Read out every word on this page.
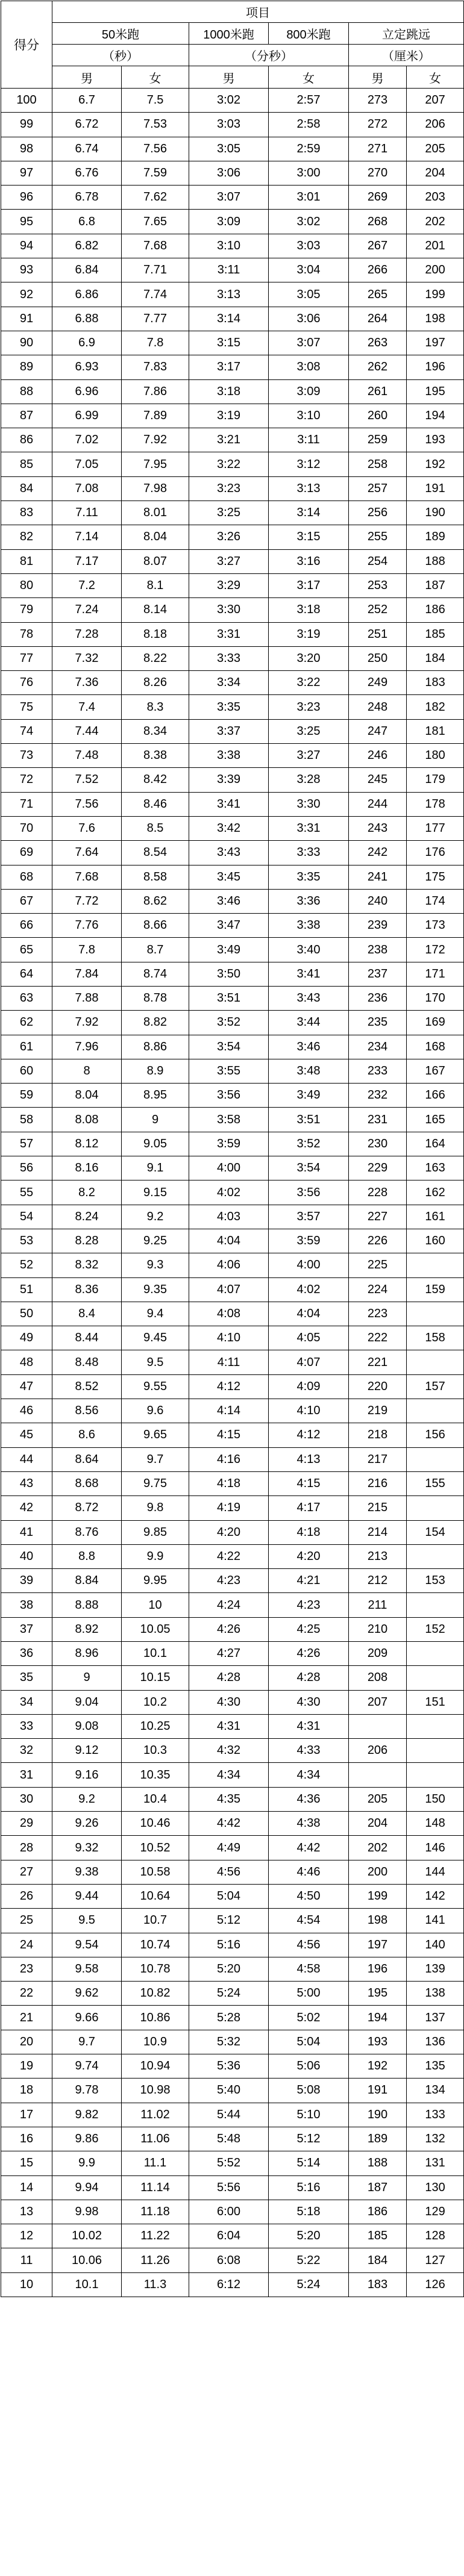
得分	项目					
	50米跑		1000米跑	800米跑	立定跳远	
	（秒）		（分秒）		（厘米）	
	男	女	男	女	男	女
100	6.7	7.5	3:02	2:57	273	207
99	6.72	7.53	3:03	2:58	272	206
98	6.74	7.56	3:05	2:59	271	205
97	6.76	7.59	3:06	3:00	270	204
96	6.78	7.62	3:07	3:01	269	203
95	6.8	7.65	3:09	3:02	268	202
94	6.82	7.68	3:10	3:03	267	201
93	6.84	7.71	3:11	3:04	266	200
92	6.86	7.74	3:13	3:05	265	199
91	6.88	7.77	3:14	3:06	264	198
90	6.9	7.8	3:15	3:07	263	197
89	6.93	7.83	3:17	3:08	262	196
88	6.96	7.86	3:18	3:09	261	195
87	6.99	7.89	3:19	3:10	260	194
86	7.02	7.92	3:21	3:11	259	193
85	7.05	7.95	3:22	3:12	258	192
84	7.08	7.98	3:23	3:13	257	191
83	7.11	8.01	3:25	3:14	256	190
82	7.14	8.04	3:26	3:15	255	189
81	7.17	8.07	3:27	3:16	254	188
80	7.2	8.1	3:29	3:17	253	187
79	7.24	8.14	3:30	3:18	252	186
78	7.28	8.18	3:31	3:19	251	185
77	7.32	8.22	3:33	3:20	250	184
76	7.36	8.26	3:34	3:22	249	183
75	7.4	8.3	3:35	3:23	248	182
74	7.44	8.34	3:37	3:25	247	181
73	7.48	8.38	3:38	3:27	246	180
72	7.52	8.42	3:39	3:28	245	179
71	7.56	8.46	3:41	3:30	244	178
70	7.6	8.5	3:42	3:31	243	177
69	7.64	8.54	3:43	3:33	242	176
68	7.68	8.58	3:45	3:35	241	175
67	7.72	8.62	3:46	3:36	240	174
66	7.76	8.66	3:47	3:38	239	173
65	7.8	8.7	3:49	3:40	238	172
64	7.84	8.74	3:50	3:41	237	171
63	7.88	8.78	3:51	3:43	236	170
62	7.92	8.82	3:52	3:44	235	169
61	7.96	8.86	3:54	3:46	234	168
60	8	8.9	3:55	3:48	233	167
59	8.04	8.95	3:56	3:49	232	166
58	8.08	9	3:58	3:51	231	165
57	8.12	9.05	3:59	3:52	230	164
56	8.16	9.1	4:00	3:54	229	163
55	8.2	9.15	4:02	3:56	228	162
54	8.24	9.2	4:03	3:57	227	161
53	8.28	9.25	4:04	3:59	226	160
52	8.32	9.3	4:06	4:00	225	
51	8.36	9.35	4:07	4:02	224	159
50	8.4	9.4	4:08	4:04	223	
49	8.44	9.45	4:10	4:05	222	158
48	8.48	9.5	4:11	4:07	221	
47	8.52	9.55	4:12	4:09	220	157
46	8.56	9.6	4:14	4:10	219	
45	8.6	9.65	4:15	4:12	218	156
44	8.64	9.7	4:16	4:13	217	
43	8.68	9.75	4:18	4:15	216	155
42	8.72	9.8	4:19	4:17	215	
41	8.76	9.85	4:20	4:18	214	154
40	8.8	9.9	4:22	4:20	213	
39	8.84	9.95	4:23	4:21	212	153
38	8.88	10	4:24	4:23	211	
37	8.92	10.05	4:26	4:25	210	152
36	8.96	10.1	4:27	4:26	209	
35	9	10.15	4:28	4:28	208	
34	9.04	10.2	4:30	4:30	207	151
33	9.08	10.25	4:31	4:31		
32	9.12	10.3	4:32	4:33	206	
31	9.16	10.35	4:34	4:34		
30	9.2	10.4	4:35	4:36	205	150
29	9.26	10.46	4:42	4:38	204	148
28	9.32	10.52	4:49	4:42	202	146
27	9.38	10.58	4:56	4:46	200	144
26	9.44	10.64	5:04	4:50	199	142
25	9.5	10.7	5:12	4:54	198	141
24	9.54	10.74	5:16	4:56	197	140
23	9.58	10.78	5:20	4:58	196	139
22	9.62	10.82	5:24	5:00	195	138
21	9.66	10.86	5:28	5:02	194	137
20	9.7	10.9	5:32	5:04	193	136
19	9.74	10.94	5:36	5:06	192	135
18	9.78	10.98	5:40	5:08	191	134
17	9.82	11.02	5:44	5:10	190	133
16	9.86	11.06	5:48	5:12	189	132
15	9.9	11.1	5:52	5:14	188	131
14	9.94	11.14	5:56	5:16	187	130
13	9.98	11.18	6:00	5:18	186	129
12	10.02	11.22	6:04	5:20	185	128
11	10.06	11.26	6:08	5:22	184	127
10	10.1	11.3	6:12	5:24	183	126
